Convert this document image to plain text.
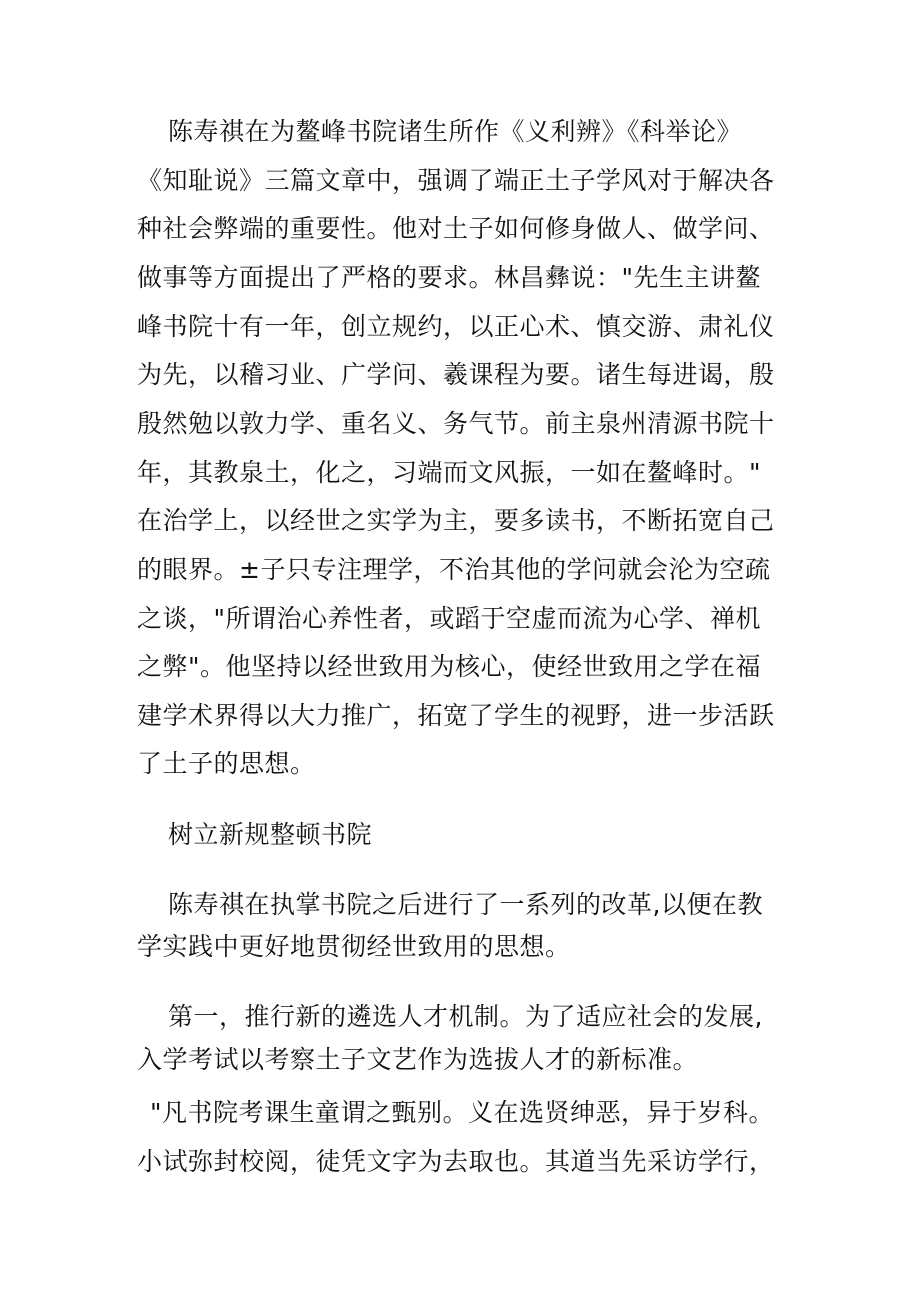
陈寿祺在为鳌峰书院诸生所作《义利辨》《科举论》
《知耻说》三篇文章中，强调了端正土子学风对于解决各
种社会弊端的重要性。他对土子如何修身做人、做学问、
做事等方面提出了严格的要求。林昌彝说："先生主讲鳌
峰书院十有一年，创立规约，以正心术、慎交游、肃礼仪
为先，以稽习业、广学问、羲课程为要。诸生每进谒，殷
殷然勉以敦力学、重名义、务气节。前主泉州清源书院十
年，其教泉土，化之，习端而文风振，一如在鳌峰时。"
在治学上，以经世之实学为主，要多读书，不断拓宽自己
的眼界。±子只专注理学，不治其他的学问就会沦为空疏
之谈，"所谓治心养性者，或蹈于空虚而流为心学、禅机
之弊"。他坚持以经世致用为核心，使经世致用之学在福
建学术界得以大力推广，拓宽了学生的视野，进一步活跃
了土子的思想。
树立新规整顿书院
陈寿祺在执掌书院之后进行了一系列的改革,以便在教
学实践中更好地贯彻经世致用的思想。
第一，推行新的遴选人才机制。为了适应社会的发展,
入学考试以考察土子文艺作为选拔人才的新标准。
"凡书院考课生童谓之甄别。义在选贤绅恶，异于岁科。
小试弥封校阅，徒凭文字为去取也。其道当先采访学行，
